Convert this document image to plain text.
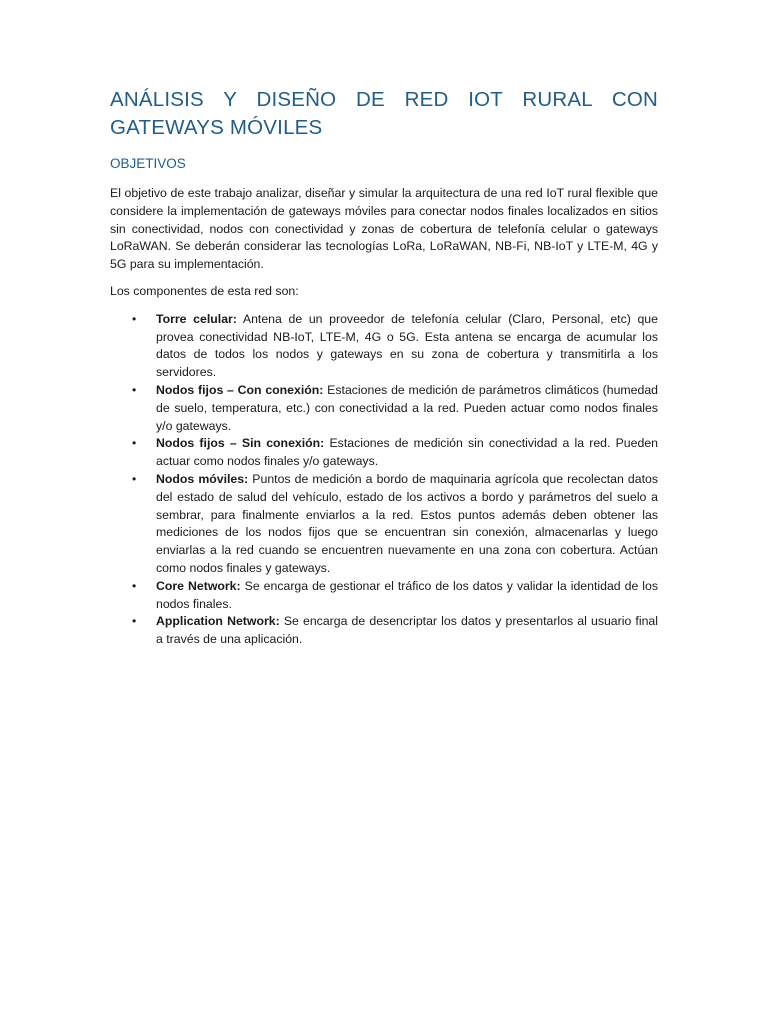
ANÁLISIS Y DISEÑO DE RED IOT RURAL CON GATEWAYS MÓVILES
OBJETIVOS

El objetivo de este trabajo analizar, diseñar y simular la arquitectura de una red IoT rural flexible que considere la implementación de gateways móviles para conectar nodos finales localizados en sitios sin conectividad, nodos con conectividad y zonas de cobertura de telefonía celular o gateways LoRaWAN. Se deberán considerar las tecnologías LoRa, LoRaWAN, NB-Fi, NB-IoT y LTE-M, 4G y 5G para su implementación.

Los componentes de esta red son:

• Torre celular: Antena de un proveedor de telefonía celular (Claro, Personal, etc) que provea conectividad NB-IoT, LTE-M, 4G o 5G. Esta antena se encarga de acumular los datos de todos los nodos y gateways en su zona de cobertura y transmitirla a los servidores.
• Nodos fijos – Con conexión: Estaciones de medición de parámetros climáticos (humedad de suelo, temperatura, etc.) con conectividad a la red. Pueden actuar como nodos finales y/o gateways.
• Nodos fijos – Sin conexión: Estaciones de medición sin conectividad a la red. Pueden actuar como nodos finales y/o gateways.
• Nodos móviles: Puntos de medición a bordo de maquinaria agrícola que recolectan datos del estado de salud del vehículo, estado de los activos a bordo y parámetros del suelo a sembrar, para finalmente enviarlos a la red. Estos puntos además deben obtener las mediciones de los nodos fijos que se encuentran sin conexión, almacenarlas y luego enviarlas a la red cuando se encuentren nuevamente en una zona con cobertura. Actúan como nodos finales y gateways.
• Core Network: Se encarga de gestionar el tráfico de los datos y validar la identidad de los nodos finales.
• Application Network: Se encarga de desencriptar los datos y presentarlos al usuario final a través de una aplicación.
